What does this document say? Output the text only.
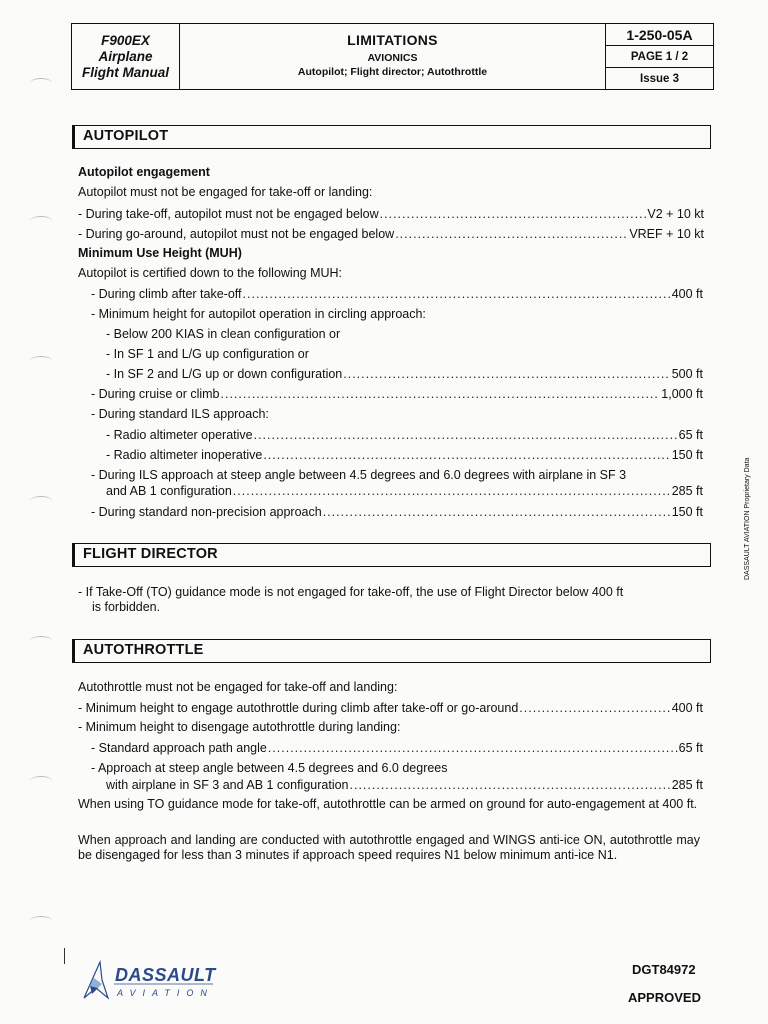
F900EX
Airplane
Flight Manual
LIMITATIONS
AVIONICS
Autopilot; Flight director; Autothrottle
1-250-05A
PAGE 1 / 2
Issue 3
AUTOPILOT
Autopilot engagement
Autopilot must not be engaged for take-off or landing:
- During take-off, autopilot must not be engaged below .....	V2 + 10 kt
- During go-around, autopilot must not be engaged below .....	VREF + 10 kt
Minimum Use Height (MUH)
Autopilot is certified down to the following MUH:
- During climb after take-off .....	400 ft
- Minimum height for autopilot operation in circling approach:
- Below 200 KIAS in clean configuration or
- In SF 1 and L/G up configuration or
- In SF 2 and L/G up or down configuration .....	500 ft
- During cruise or climb .....	1,000 ft
- During standard ILS approach:
- Radio altimeter operative .....	65 ft
- Radio altimeter inoperative .....	150 ft
- During ILS approach at steep angle between 4.5 degrees and 6.0 degrees with airplane in SF 3
and AB 1 configuration .....	285 ft
- During standard non-precision approach .....	150 ft
FLIGHT DIRECTOR
- If Take-Off (TO) guidance mode is not engaged for take-off, the use of Flight Director below 400 ft
is forbidden.
AUTOTHROTTLE
Autothrottle must not be engaged for take-off and landing:
- Minimum height to engage autothrottle during climb after take-off or go-around .....	400 ft
- Minimum height to disengage autothrottle during landing:
- Standard approach path angle .....	65 ft
- Approach at steep angle between 4.5 degrees and 6.0 degrees
with airplane in SF 3 and AB 1 configuration .....	285 ft
When using TO guidance mode for take-off, autothrottle can be armed on ground for auto-engagement at 400 ft.
When approach and landing are conducted with autothrottle engaged and WINGS anti-ice ON, autothrottle may be disengaged for less than 3 minutes if approach speed requires N1 below minimum anti-ice N1.
DASSAULT AVIATION Proprietary Data
DASSAULT
AVIATION
DGT84972
APPROVED
